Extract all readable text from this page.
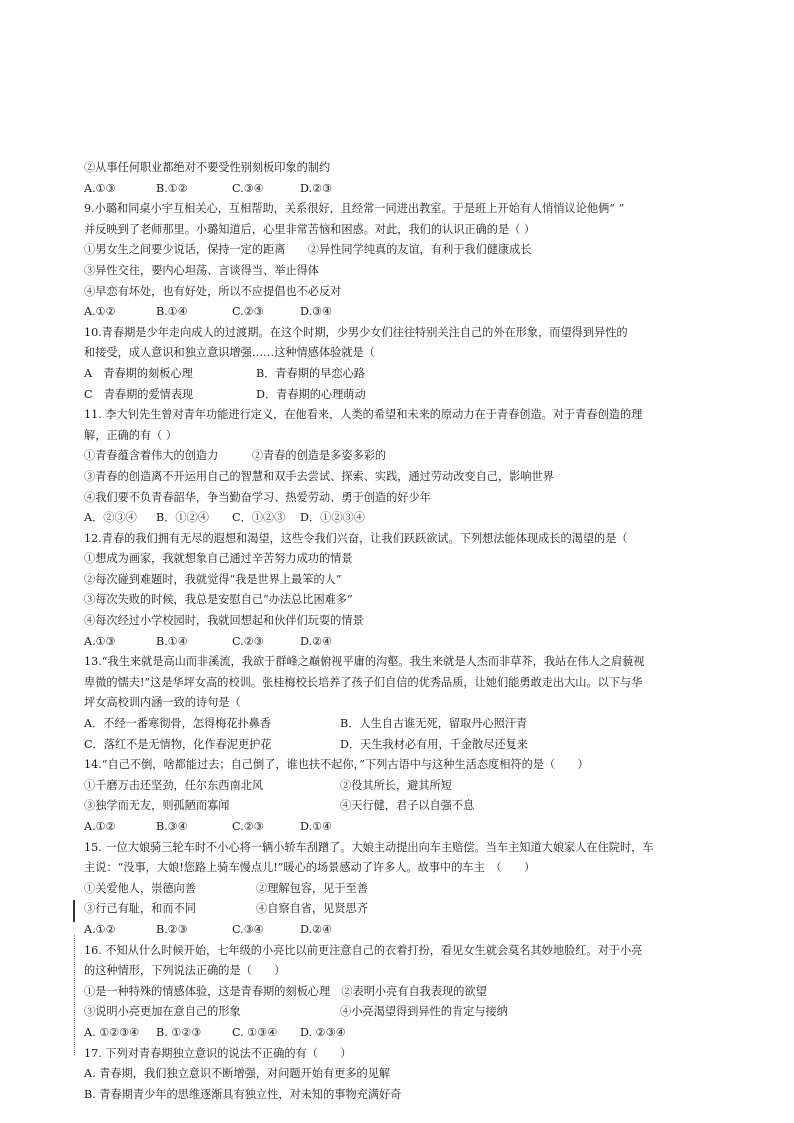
②从事任何职业都绝对不要受性别刻板印象的制约
A.①③	B.①②	C.③④	D.②③
9.小璐和同桌小宇互相关心，互相帮助，关系很好，且经常一同进出教室。于是班上开始有人悄悄议论他俩“ ”
并反映到了老师那里。小璐知道后，心里非常苦恼和困惑。对此，我们的认识正确的是（ ）
①男女生之间要少说话，保持一定的距离　　②异性同学纯真的友谊，有利于我们健康成长
③异性交往，要内心坦荡、言谈得当、举止得体
④早恋有坏处，也有好处，所以不应提倡也不必反对
A.①②	B.①④	C.②③	D.③④
10.青春期是少年走向成人的过渡期。在这个时期，少男少女们往往特别关注自己的外在形象，而望得到异性的
和接受，成人意识和独立意识增强……这种情感体验就是（
A　青春期的刻板心理	B．青春期的早恋心路
C　青春期的爱情表现	D．青春期的心理萌动
11. 李大钊先生曾对青年功能进行定义，在他看来，人类的希望和未来的原动力在于青春创造。对于青春创造的理
解，正确的有（ ）
①青春蕴含着伟大的创造力　　　②青春的创造是多姿多彩的
③青春的创造离不开运用自己的智慧和双手去尝试、探索、实践，通过劳动改变自己，影响世界
④我们要不负青春韶华，争当勤奋学习、热爱劳动、勇于创造的好少年
A．②③④ B．①②④ C．①②③ D．①②③④
12.青春的我们拥有无尽的遐想和渴望，这些令我们兴奋，让我们跃跃欲试。下列想法能体现成长的渴望的是（
①想成为画家，我就想象自己通过辛苦努力成功的情景
②每次碰到难题时，我就觉得“我是世界上最笨的人”
③每次失败的时候，我总是安慰自己“办法总比困难多”
④每次经过小学校园时，我就回想起和伙伴们玩耍的情景
A.①③	B.①④	C.②③	D.②④
13.“我生来就是高山而非溪流，我欲于群峰之巅俯视平庸的沟壑。我生来就是人杰而非草芥，我站在伟人之肩藐视
卑微的懦夫!”这是华坪女高的校训。张桂梅校长培养了孩子们自信的优秀品质，让她们能勇敢走出大山。以下与华
坪女高校训内涵一致的诗句是（
A．不经一番寒彻骨，怎得梅花扑鼻香	B．人生自古谁无死，留取丹心照汗青
C．落红不是无情物，化作春泥更护花	D．天生我材必有用，千金散尽还复来
14.“自己不倒，啥都能过去；自己倒了，谁也扶不起你，”下列古语中与这种生活态度相符的是（　　）
①千磨万击还坚劲，任尔东西南北风	②役其所长，避其所短
③独学而无友，则孤陋而寡闻	④天行健，君子以自强不息
A.①②	B.③④	C.②③	D.①④
15. 一位大娘骑三轮车时不小心将一辆小轿车刮蹭了。大娘主动提出向车主赔偿。当车主知道大娘家人在住院时，车
主说：“没事，大娘!您路上骑车慢点儿!”暖心的场景感动了许多人。故事中的车主　（　　）
①关爱他人，崇德向善	②理解包容，见于至善
③行己有耻，和而不同	④自察自省，见贤思齐
A.①②	B.②③	C.③④	D.②④
16. 不知从什么时候开始，七年级的小亮比以前更注意自己的衣着打扮，看见女生就会莫名其妙地脸红。对于小亮
的这种情形，下列说法正确的是（　　）
①是一种特殊的情感体验，这是青春期的刻板心理　②表明小亮有自我表现的欲望
③说明小亮更加在意自己的形象	④小亮渴望得到异性的肯定与接纳
A. ①②③④ B. ①②③	C. ①③④ D. ②③④
17. 下列对青春期独立意识的说法不正确的有（　　）
A. 青春期，我们独立意识不断增强，对问题开始有更多的见解
B. 青春期青少年的思维逐渐具有独立性，对未知的事物充满好奇
